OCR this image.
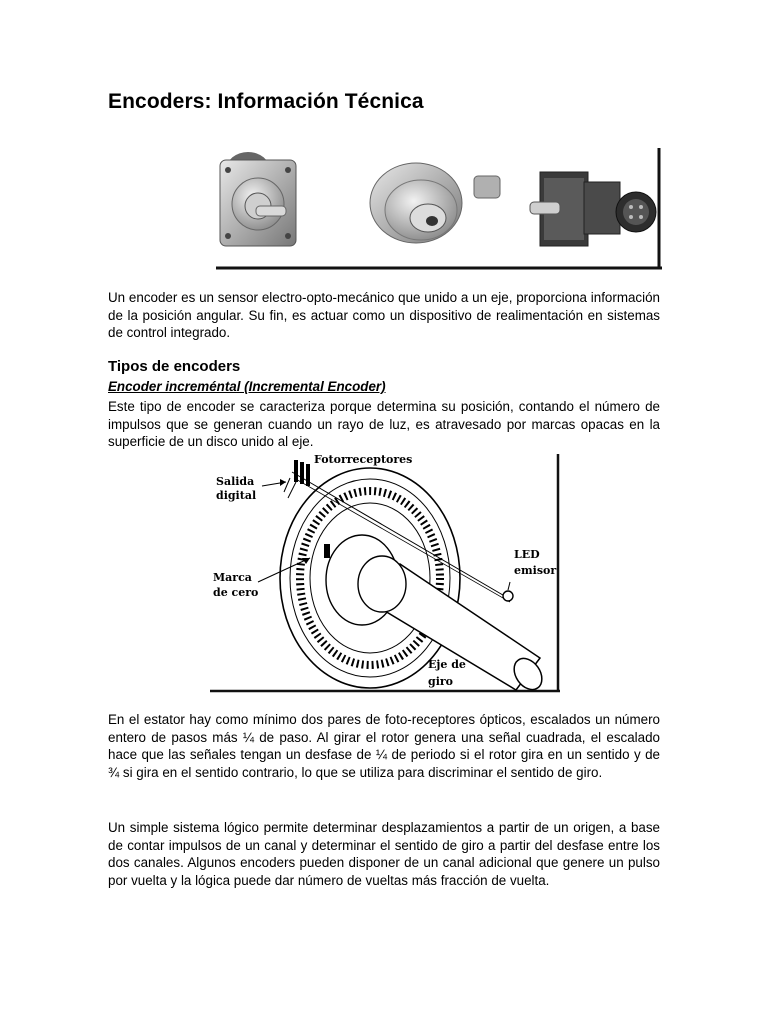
Encoders: Información Técnica

Un encoder es un sensor electro-opto-mecánico que unido a un eje, proporciona información de la posición angular. Su fin, es actuar como un dispositivo de realimentación en sistemas de control integrado.

Tipos de encoders
Encoder increméntal (Incremental Encoder)

Este tipo de encoder se caracteriza porque determina su posición, contando el número de impulsos que se generan cuando un rayo de luz, es atravesado por marcas opacas en la superficie de un disco unido al eje.

Fotorreceptores
Salida
digital
LED
emisor
Marca
de cero
Eje de
giro

En el estator hay como mínimo dos pares de foto-receptores ópticos, escalados un número entero de pasos más ¼ de paso. Al girar el rotor genera una señal cuadrada, el escalado hace que las señales tengan un desfase de ¼ de periodo si el rotor gira en un sentido y de ¾ si gira en el sentido contrario, lo que se utiliza para discriminar el sentido de giro.

Un simple sistema lógico permite determinar desplazamientos a partir de un origen, a base de contar impulsos de un canal y determinar el sentido de giro a partir del desfase entre los dos canales. Algunos encoders pueden disponer de un canal adicional que genere un pulso por vuelta y la lógica puede dar número de vueltas más fracción de vuelta.
